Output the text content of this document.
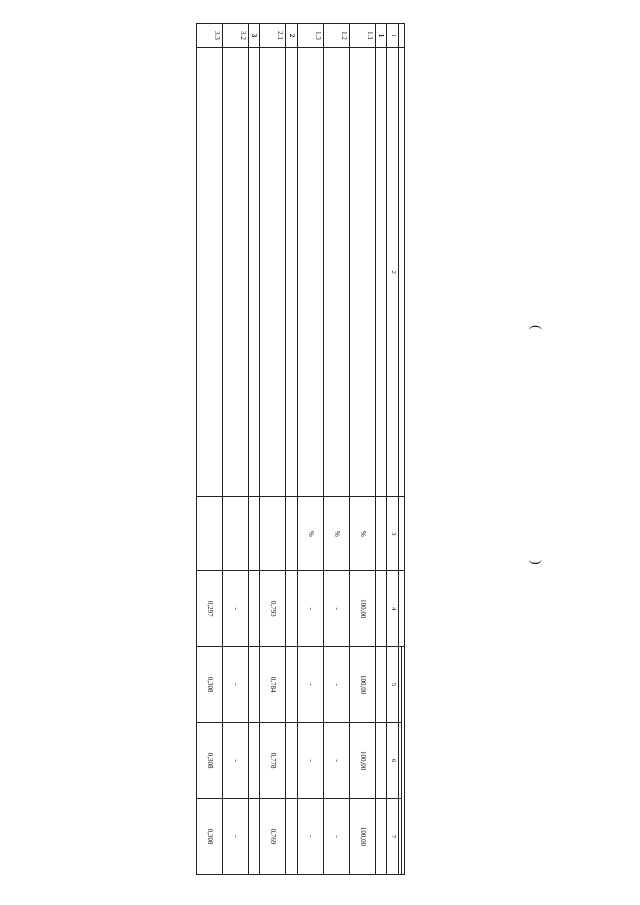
(
)

1	2	3	4	5	6	7
1						
1.1		%	100,00	100,00	100,00	100,00
1.2		%	-	-	-	-
1.3		%	-	-	-	-
2						
2.1			0,793	0,784	0,778	0,769
3						
3.2			-	-	-	-
3.3			0,297	0,308	0,308	0,308
